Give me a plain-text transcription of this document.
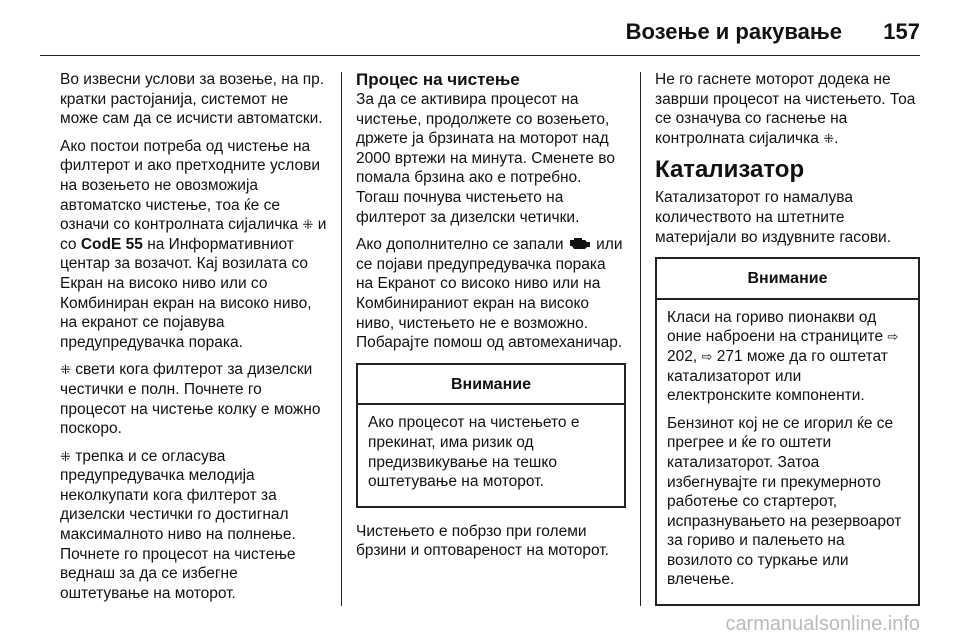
Возење и ракување 157

Во извесни услови за возење, на пр. кратки растојанија, системот не може сам да се исчисти автоматски.

Ако постои потреба од чистење на филтерот и ако претходните услови на возењето не овозможија автоматско чистење, тоа ќе се означи со контролната сијаличка ⁜ и со CodE 55 на Информативниот центар за возачот. Кај возилата со Екран на високо ниво или со Комбиниран екран на високо ниво, на екранот се појавува предупредувачка порака.

⁜ свети кога филтерот за дизелски честички е полн. Почнете го процесот на чистење колку е можно поскоро.

⁜ трепка и се огласува предупредувачка мелодија неколкупати кога филтерот за дизелски честички го достигнал максималното ниво на полнење. Почнете го процесот на чистење веднаш за да се избегне оштетување на моторот.

Процес на чистење

За да се активира процесот на чистење, продолжете со возењето, држете ја брзината на моторот над 2000 вртежи на минута. Сменете во помала брзина ако е потребно. Тогаш почнува чистењето на филтерот за дизелски четички.

Ако дополнително се запали или се појави предупредувачка порака на Екранот со високо ниво или на Комбинираниот екран на високо ниво, чистењето не е возможно. Побарајте помош од автомеханичар.

Внимание

Ако процесот на чистењето е прекинат, има ризик од предизвикување на тешко оштетување на моторот.

Чистењето е побрзо при големи брзини и оптовареност на моторот.

Не го гаснете моторот додека не заврши процесот на чистењето. Тоа се означува со гаснење на контролната сијаличка ⁜.

Катализатор

Катализаторот го намалува количеството на штетните материјали во издувните гасови.

Внимание

Класи на гориво пионакви од оние наброени на страниците ⇨ 202, ⇨ 271 може да го оштетат катализаторот или електронските компоненти.

Бензинот кој не се игорил ќе се прегрее и ќе го оштети катализаторот. Затоа избегнувајте ги прекумерното работење со стартерот, испразнувањето на резервоарот за гориво и палењето на возилото со туркање или влечење.

carmanualsonline.info
